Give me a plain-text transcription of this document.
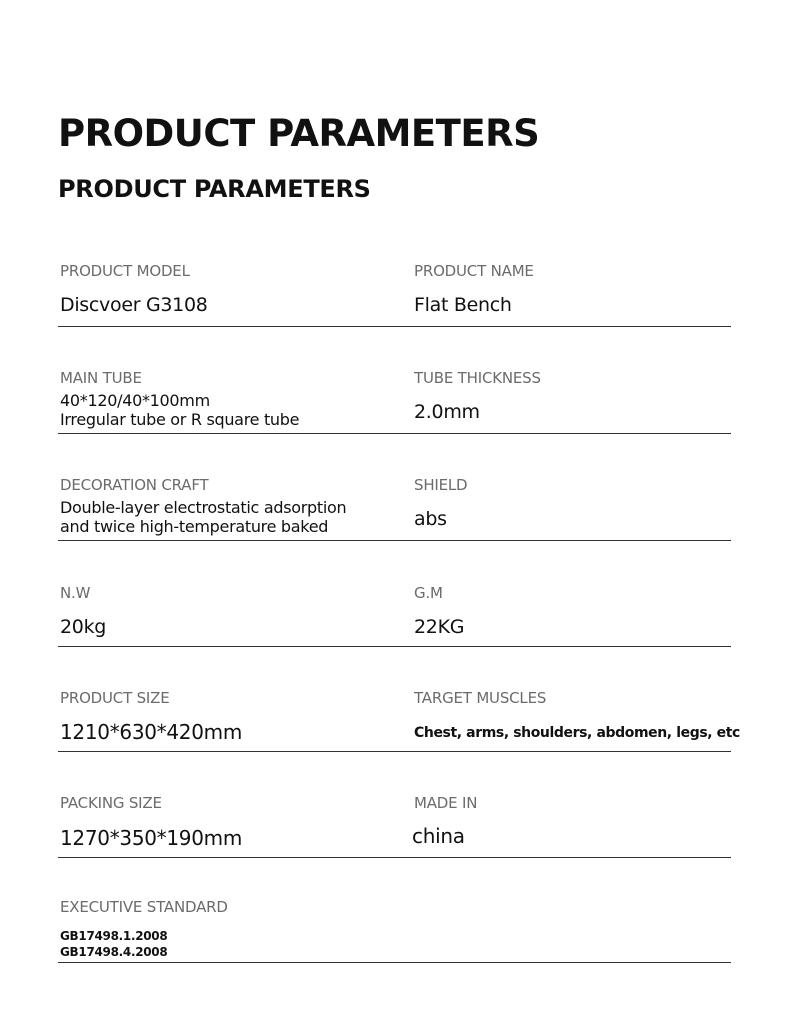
PRODUCT PARAMETERS
PRODUCT PARAMETERS

PRODUCT MODEL

Discvoer G3108

PRODUCT NAME

Flat Bench

MAIN TUBE

40*120/40*100mm
Irregular tube or R square tube

TUBE THICKNESS

2.0mm

DECORATION CRAFT

Double-layer electrostatic adsorption
and twice high-temperature baked

SHIELD

abs

N.W

20kg

G.M

22KG

PRODUCT SIZE

1210*630*420mm

TARGET MUSCLES

Chest, arms, shoulders, abdomen, legs, etc

PACKING SIZE

1270*350*190mm

MADE IN

china

EXECUTIVE STANDARD

GB17498.1.2008
GB17498.4.2008
